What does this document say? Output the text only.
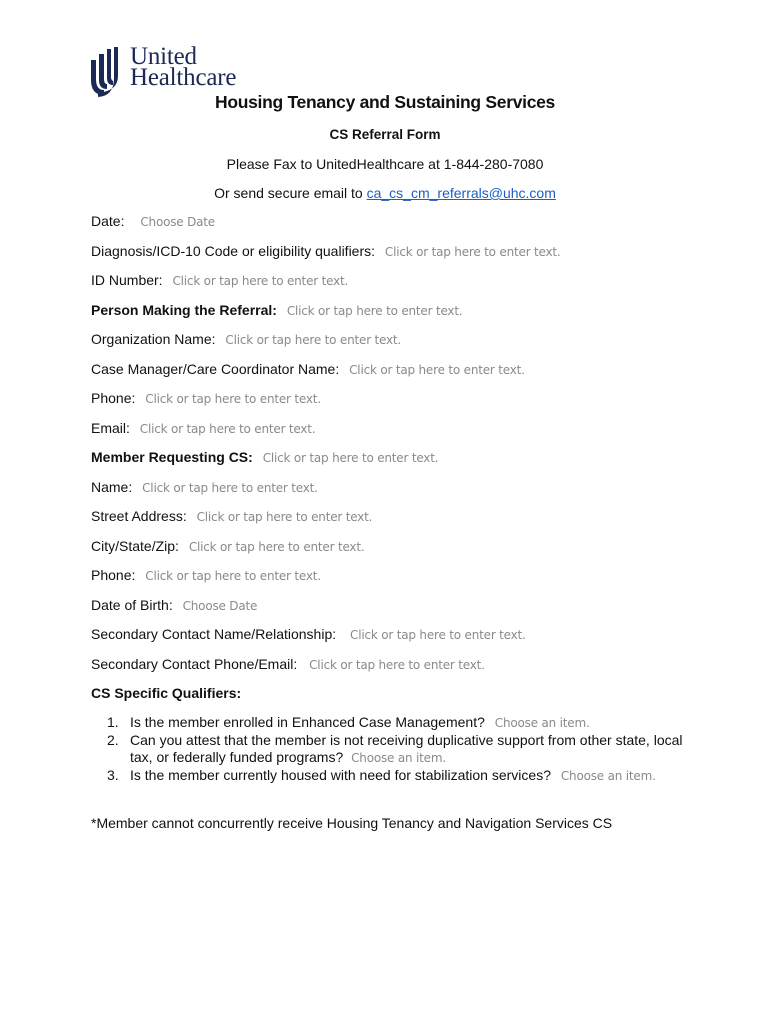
United
Healthcare
Housing Tenancy and Sustaining Services
CS Referral Form
Please Fax to UnitedHealthcare at 1-844-280-7080
Or send secure email to ca_cs_cm_referrals@uhc.com
Date: Choose Date
Diagnosis/ICD-10 Code or eligibility qualifiers: Click or tap here to enter text.
ID Number: Click or tap here to enter text.
Person Making the Referral: Click or tap here to enter text.
Organization Name: Click or tap here to enter text.
Case Manager/Care Coordinator Name: Click or tap here to enter text.
Phone: Click or tap here to enter text.
Email: Click or tap here to enter text.
Member Requesting CS: Click or tap here to enter text.
Name: Click or tap here to enter text.
Street Address: Click or tap here to enter text.
City/State/Zip: Click or tap here to enter text.
Phone: Click or tap here to enter text.
Date of Birth: Choose Date
Secondary Contact Name/Relationship: Click or tap here to enter text.
Secondary Contact Phone/Email: Click or tap here to enter text.
CS Specific Qualifiers:
1. Is the member enrolled in Enhanced Case Management? Choose an item.
2. Can you attest that the member is not receiving duplicative support from other state, local tax, or federally funded programs? Choose an item.
3. Is the member currently housed with need for stabilization services? Choose an item.
*Member cannot concurrently receive Housing Tenancy and Navigation Services CS
